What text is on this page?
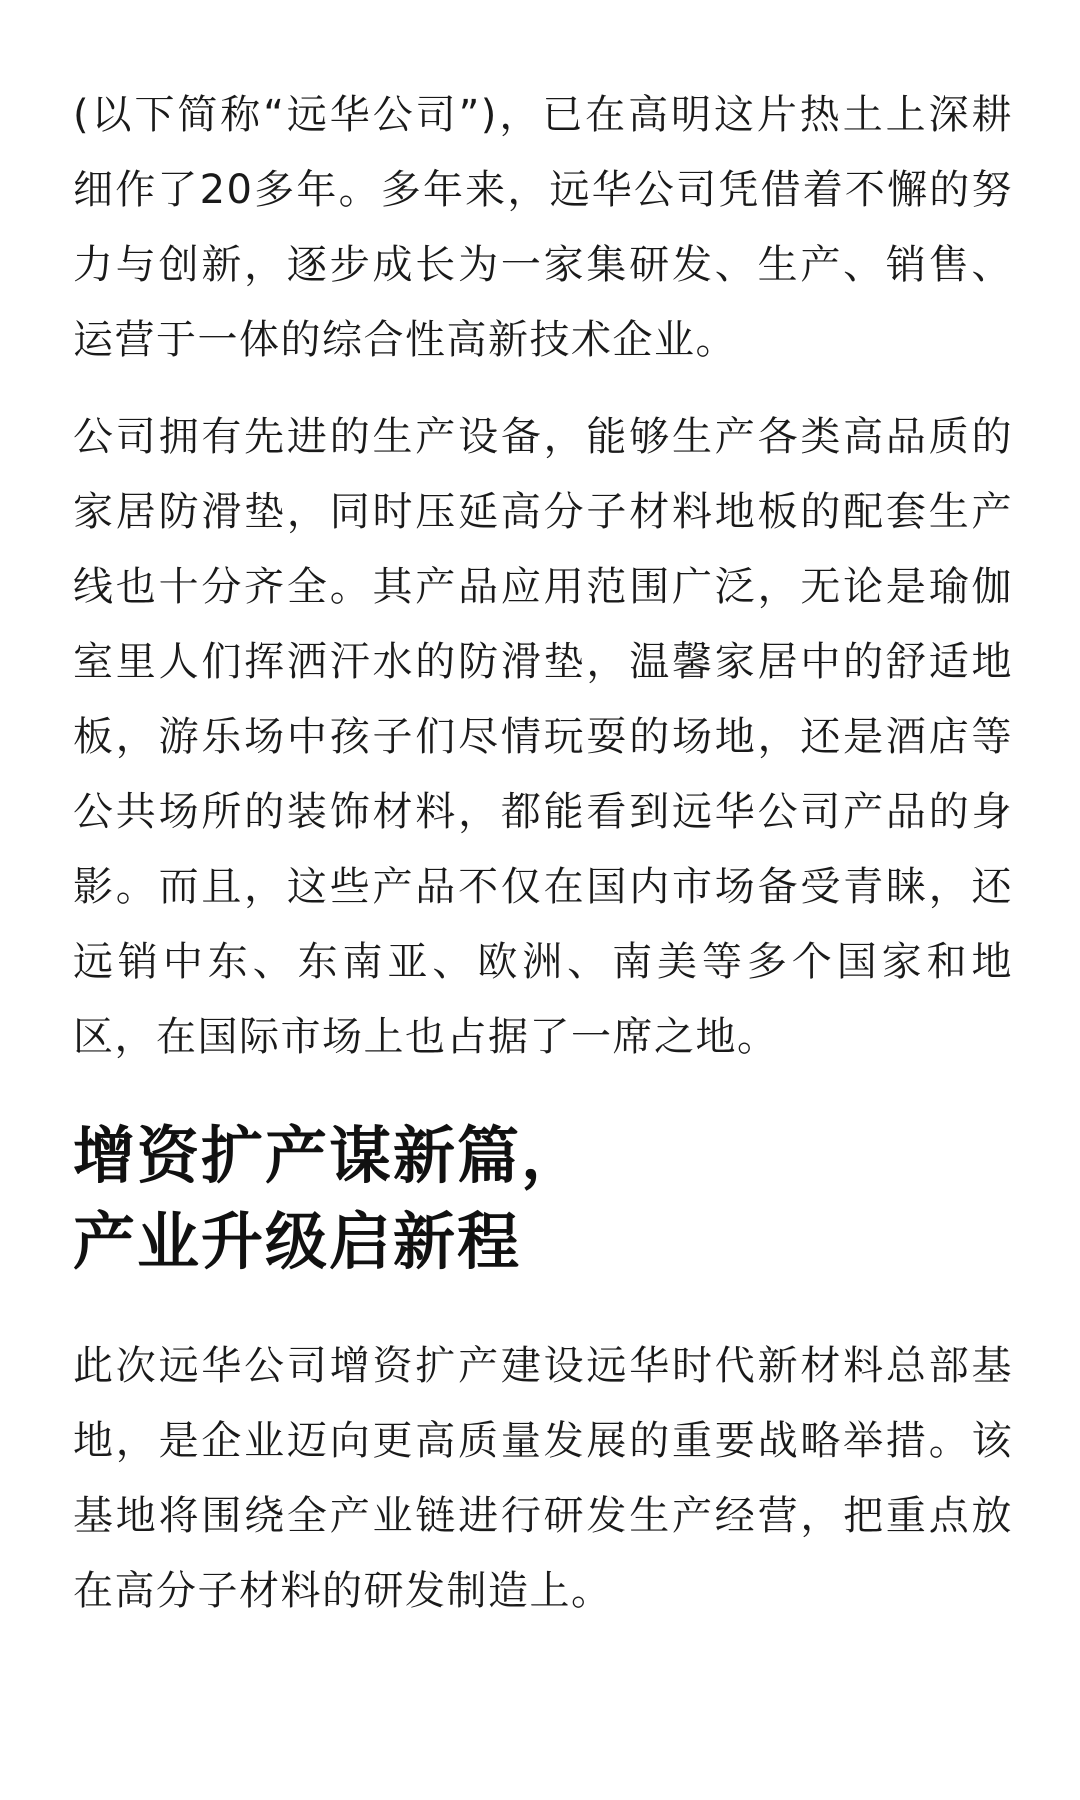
(以下简称“远华公司”)，已在高明这片热土上深耕细作了20多年。多年来，远华公司凭借着不懈的努力与创新，逐步成长为一家集研发、生产、销售、运营于一体的综合性高新技术企业。

公司拥有先进的生产设备，能够生产各类高品质的家居防滑垫，同时压延高分子材料地板的配套生产线也十分齐全。其产品应用范围广泛，无论是瑜伽室里人们挥洒汗水的防滑垫，温馨家居中的舒适地板，游乐场中孩子们尽情玩耍的场地，还是酒店等公共场所的装饰材料，都能看到远华公司产品的身影。而且，这些产品不仅在国内市场备受青睐，还远销中东、东南亚、欧洲、南美等多个国家和地区，在国际市场上也占据了一席之地。

增资扩产谋新篇，
产业升级启新程

此次远华公司增资扩产建设远华时代新材料总部基地，是企业迈向更高质量发展的重要战略举措。该基地将围绕全产业链进行研发生产经营，把重点放在高分子材料的研发制造上。
